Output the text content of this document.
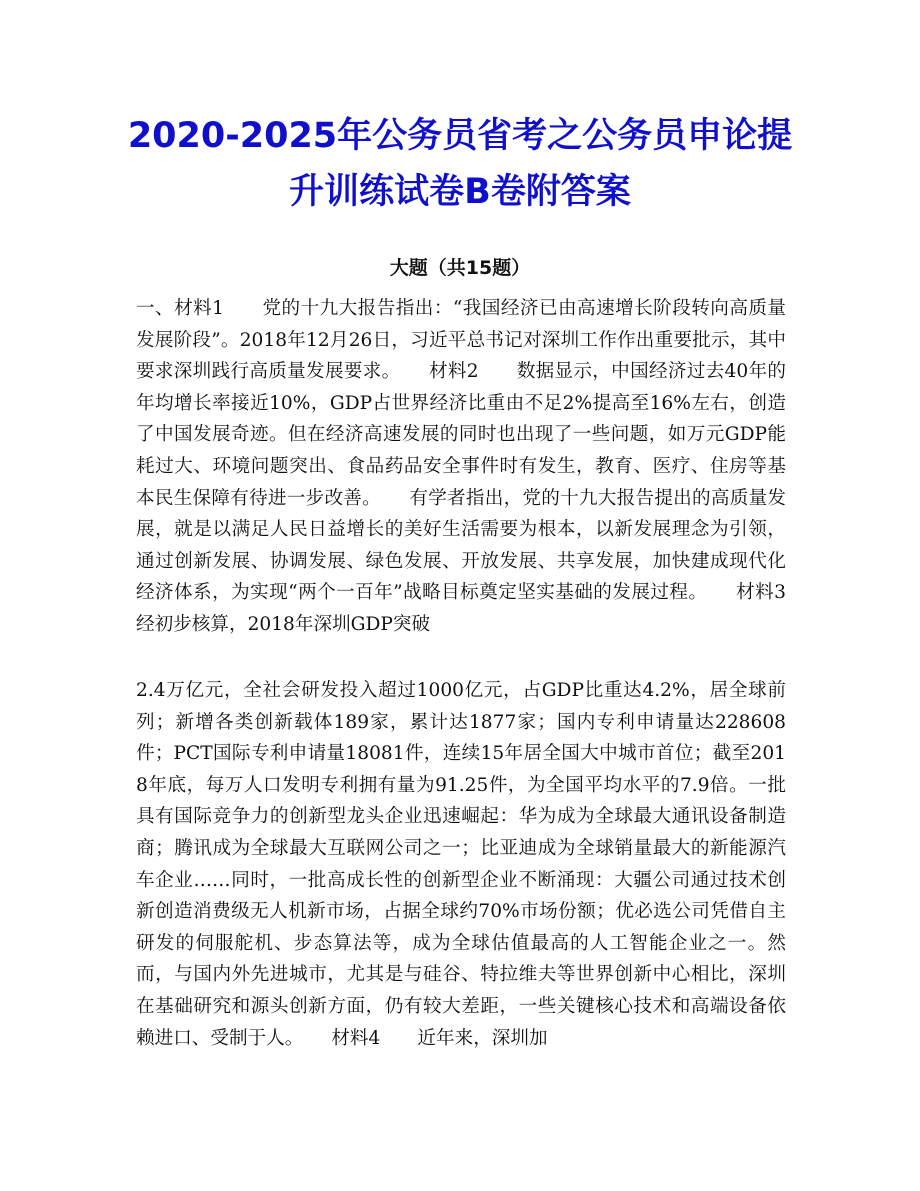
2020-2025年公务员省考之公务员申论提升训练试卷B卷附答案
大题（共15题）

一、材料1　　党的十九大报告指出：“我国经济已由高速增长阶段转向高质量发展阶段”。2018年12月26日，习近平总书记对深圳工作作出重要批示，其中要求深圳践行高质量发展要求。　　材料2　　数据显示，中国经济过去40年的年均增长率接近10%，GDP占世界经济比重由不足2%提高至16%左右，创造了中国发展奇迹。但在经济高速发展的同时也出现了一些问题，如万元GDP能耗过大、环境问题突出、食品药品安全事件时有发生，教育、医疗、住房等基本民生保障有待进一步改善。　　有学者指出，党的十九大报告提出的高质量发展，就是以满足人民日益增长的美好生活需要为根本，以新发展理念为引领，通过创新发展、协调发展、绿色发展、开放发展、共享发展，加快建成现代化经济体系，为实现“两个一百年”战略目标奠定坚实基础的发展过程。　　材料3　　经初步核算，2018年深圳GDP突破

2.4万亿元，全社会研发投入超过1000亿元，占GDP比重达4.2%，居全球前列；新增各类创新载体189家，累计达1877家；国内专利申请量达228608件；PCT国际专利申请量18081件，连续15年居全国大中城市首位；截至2018年底，每万人口发明专利拥有量为91.25件，为全国平均水平的7.9倍。一批具有国际竞争力的创新型龙头企业迅速崛起：华为成为全球最大通讯设备制造商；腾讯成为全球最大互联网公司之一；比亚迪成为全球销量最大的新能源汽车企业……同时，一批高成长性的创新型企业不断涌现：大疆公司通过技术创新创造消费级无人机新市场，占据全球约70%市场份额；优必选公司凭借自主研发的伺服舵机、步态算法等，成为全球估值最高的人工智能企业之一。然而，与国内外先进城市，尤其是与硅谷、特拉维夫等世界创新中心相比，深圳在基础研究和源头创新方面，仍有较大差距，一些关键核心技术和高端设备依赖进口、受制于人。　　材料4　　近年来，深圳加
